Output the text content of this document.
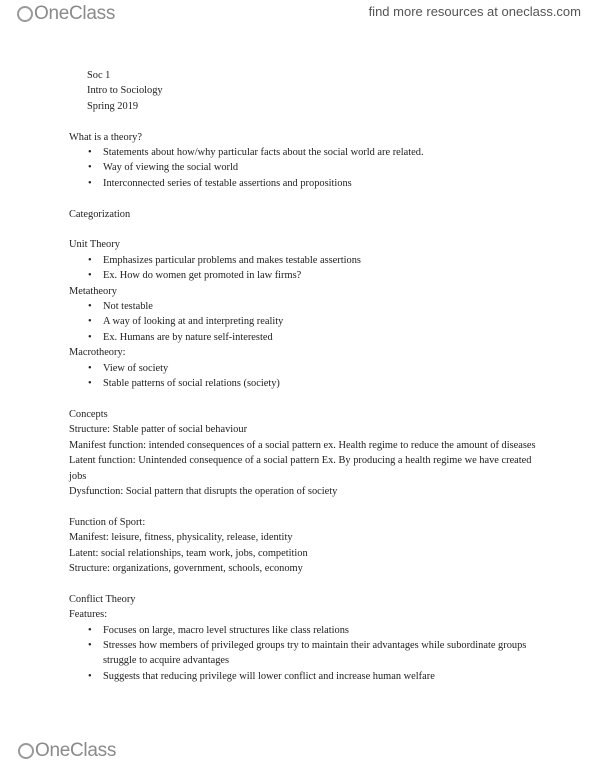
OneClass	find more resources at oneclass.com

Soc 1

Intro to Sociology

Spring 2019

What is a theory?

• Statements about how/why particular facts about the social world are related.
• Way of viewing the social world
• Interconnected series of testable assertions and propositions

Categorization

Unit Theory

• Emphasizes particular problems and makes testable assertions
• Ex. How do women get promoted in law firms?

Metatheory

• Not testable
• A way of looking at and interpreting reality
• Ex. Humans are by nature self-interested

Macrotheory:

• View of society
• Stable patterns of social relations (society)

Concepts

Structure: Stable patter of social behaviour

Manifest function: intended consequences of a social pattern ex. Health regime to reduce the amount of diseases

Latent function: Unintended consequence of a social pattern Ex. By producing a health regime we have created jobs

Dysfunction: Social pattern that disrupts the operation of society

Function of Sport:

Manifest: leisure, fitness, physicality, release, identity

Latent: social relationships, team work, jobs, competition

Structure: organizations, government, schools, economy

Conflict Theory

Features:

• Focuses on large, macro level structures like class relations
• Stresses how members of privileged groups try to maintain their advantages while subordinate groups struggle to acquire advantages
• Suggests that reducing privilege will lower conflict and increase human welfare
OneClass
